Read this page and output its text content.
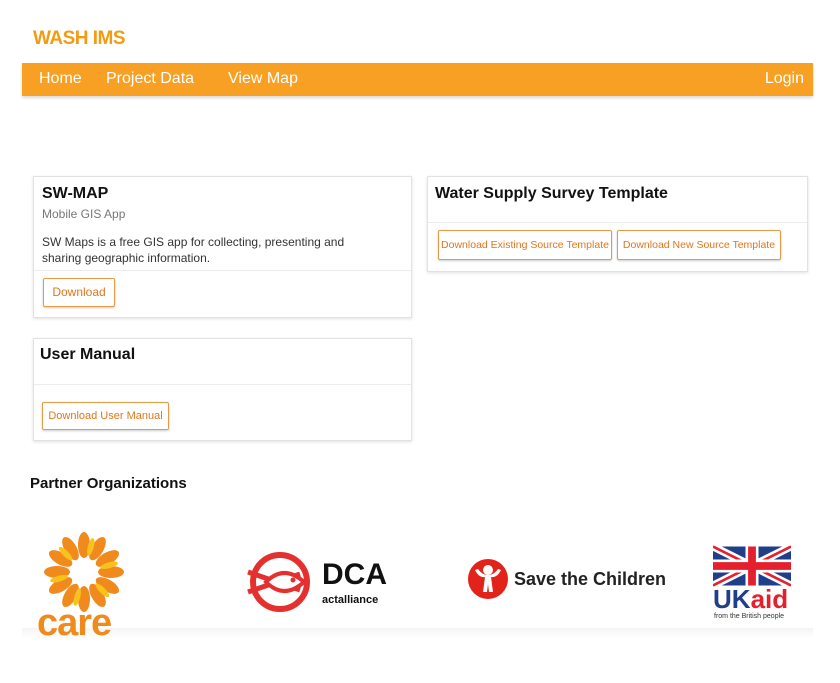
WASH IMS
Home Project Data View Map	Login
SW-MAP
Mobile GIS App
SW Maps is a free GIS app for collecting, presenting and sharing geographic information.
Download
User Manual
Download User Manual
Water Supply Survey Template
Download Existing Source Template	Download New Source Template
Partner Organizations
care
DCA
actalliance
Save the Children
UKaid
from the British people
